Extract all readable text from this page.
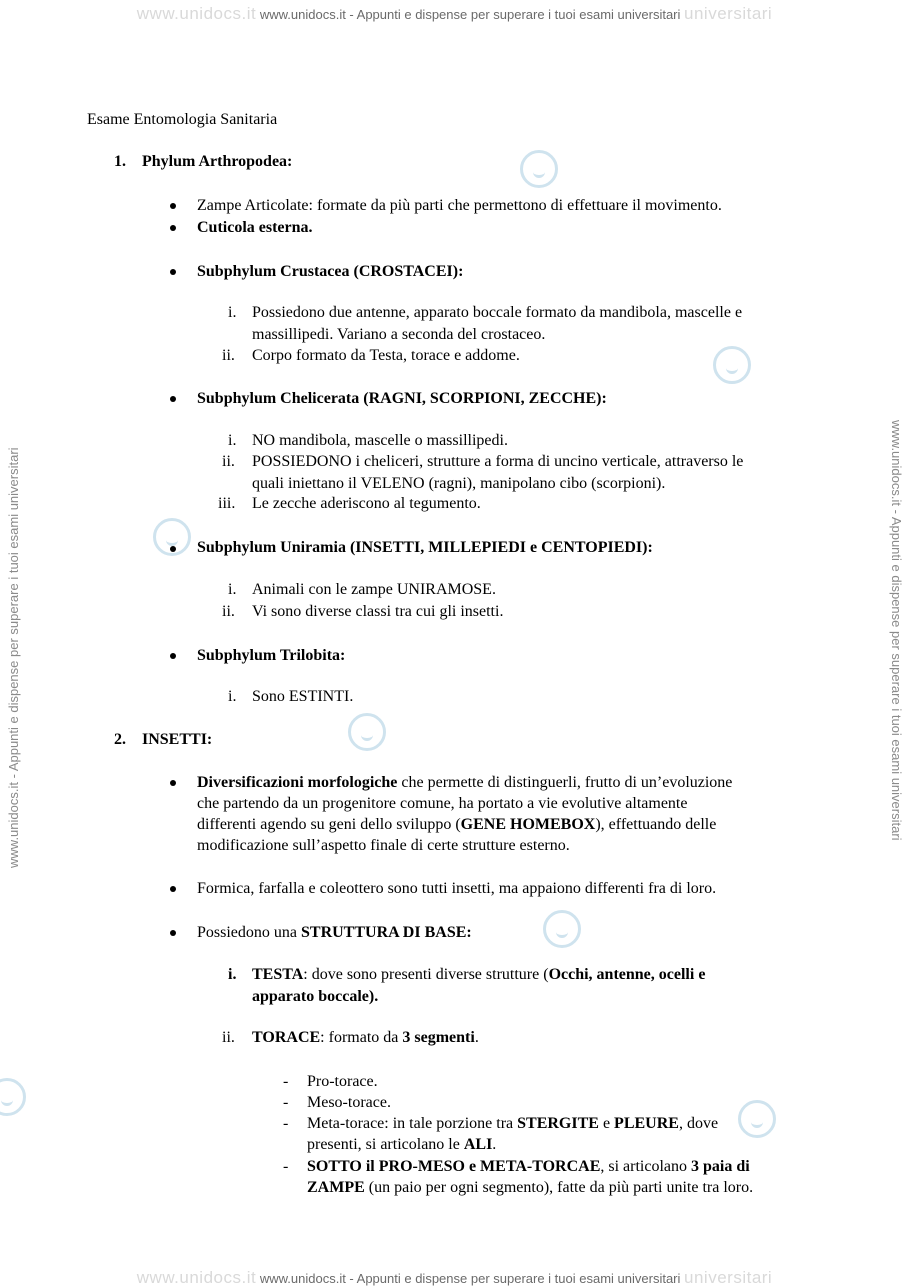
www.unidocs.it www.unidocs.it - Appunti e dispense per superare i tuoi esami universitari universitari
www.unidocs.it www.unidocs.it - Appunti e dispense per superare i tuoi esami universitari universitari
www.unidocs.it - Appunti e dispense per superare i tuoi esami universitari	www.unidocs.it - Appunti e dispense per superare i tuoi esami universitari
Esame Entomologia Sanitaria
1. Phylum Arthropodea:
Zampe Articolate: formate da più parti che permettono di effettuare il movimento.
Cuticola esterna.
Subphylum Crustacea (CROSTACEI):
i. Possiedono due antenne, apparato boccale formato da mandibola, mascelle e
massillipedi. Variano a seconda del crostaceo.
ii. Corpo formato da Testa, torace e addome.
Subphylum Chelicerata (RAGNI, SCORPIONI, ZECCHE):
i. NO mandibola, mascelle o massillipedi.
ii. POSSIEDONO i cheliceri, strutture a forma di uncino verticale, attraverso le
quali iniettano il VELENO (ragni), manipolano cibo (scorpioni).
iii. Le zecche aderiscono al tegumento.
Subphylum Uniramia (INSETTI, MILLEPIEDI e CENTOPIEDI):
i. Animali con le zampe UNIRAMOSE.
ii. Vi sono diverse classi tra cui gli insetti.
Subphylum Trilobita:
i. Sono ESTINTI.
2. INSETTI:
Diversificazioni morfologiche che permette di distinguerli, frutto di un’evoluzione
che partendo da un progenitore comune, ha portato a vie evolutive altamente
differenti agendo su geni dello sviluppo (GENE HOMEBOX), effettuando delle
modificazione sull’aspetto finale di certe strutture esterno.
Formica, farfalla e coleottero sono tutti insetti, ma appaiono differenti fra di loro.
Possiedono una STRUTTURA DI BASE:
i. TESTA: dove sono presenti diverse strutture (Occhi, antenne, ocelli e
apparato boccale).
ii. TORACE: formato da 3 segmenti.
- Pro-torace.
- Meso-torace.
- Meta-torace: in tale porzione tra STERGITE e PLEURE, dove
presenti, si articolano le ALI.
- SOTTO il PRO-MESO e META-TORCAE, si articolano 3 paia di
ZAMPE (un paio per ogni segmento), fatte da più parti unite tra loro.
